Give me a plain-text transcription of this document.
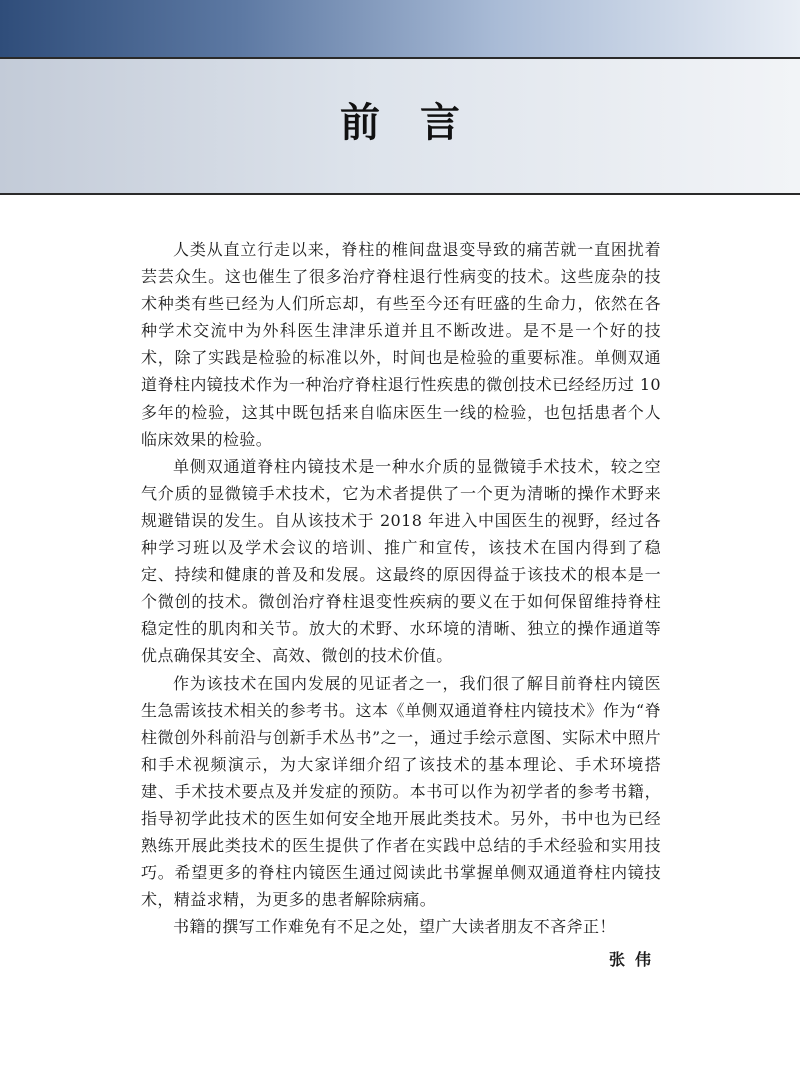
前言

人类从直立行走以来，脊柱的椎间盘退变导致的痛苦就一直困扰着芸芸众生。这也催生了很多治疗脊柱退行性病变的技术。这些庞杂的技术种类有些已经为人们所忘却，有些至今还有旺盛的生命力，依然在各种学术交流中为外科医生津津乐道并且不断改进。是不是一个好的技术，除了实践是检验的标准以外，时间也是检验的重要标准。单侧双通道脊柱内镜技术作为一种治疗脊柱退行性疾患的微创技术已经经历过 10 多年的检验，这其中既包括来自临床医生一线的检验，也包括患者个人临床效果的检验。

单侧双通道脊柱内镜技术是一种水介质的显微镜手术技术，较之空气介质的显微镜手术技术，它为术者提供了一个更为清晰的操作术野来规避错误的发生。自从该技术于 2018 年进入中国医生的视野，经过各种学习班以及学术会议的培训、推广和宣传，该技术在国内得到了稳定、持续和健康的普及和发展。这最终的原因得益于该技术的根本是一个微创的技术。微创治疗脊柱退变性疾病的要义在于如何保留维持脊柱稳定性的肌肉和关节。放大的术野、水环境的清晰、独立的操作通道等优点确保其安全、高效、微创的技术价值。

作为该技术在国内发展的见证者之一，我们很了解目前脊柱内镜医生急需该技术相关的参考书。这本《单侧双通道脊柱内镜技术》作为“脊柱微创外科前沿与创新手术丛书”之一，通过手绘示意图、实际术中照片和手术视频演示，为大家详细介绍了该技术的基本理论、手术环境搭建、手术技术要点及并发症的预防。本书可以作为初学者的参考书籍，指导初学此技术的医生如何安全地开展此类技术。另外，书中也为已经熟练开展此类技术的医生提供了作者在实践中总结的手术经验和实用技巧。希望更多的脊柱内镜医生通过阅读此书掌握单侧双通道脊柱内镜技术，精益求精，为更多的患者解除病痛。

书籍的撰写工作难免有不足之处，望广大读者朋友不吝斧正！

张伟
